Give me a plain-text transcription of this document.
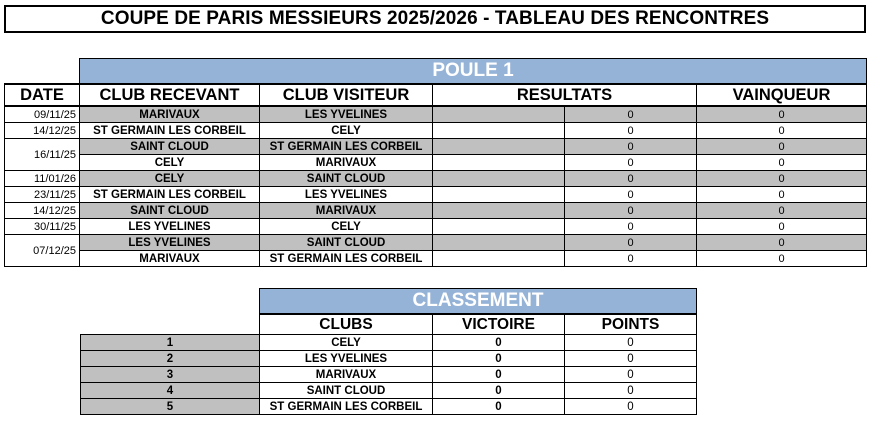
COUPE DE PARIS MESSIEURS 2025/2026 - TABLEAU DES RENCONTRES
	POULE 1				
DATE	CLUB RECEVANT	CLUB VISITEUR	RESULTATS		VAINQUEUR
09/11/25	MARIVAUX	LES YVELINES		0	0
14/12/25	ST GERMAIN LES CORBEIL	CELY		0	0
16/11/25	SAINT CLOUD	ST GERMAIN LES CORBEIL		0	0
	CELY	MARIVAUX		0	0
11/01/26	CELY	SAINT CLOUD		0	0
23/11/25	ST GERMAIN LES CORBEIL	LES YVELINES		0	0
14/12/25	SAINT CLOUD	MARIVAUX		0	0
30/11/25	LES YVELINES	CELY		0	0
07/12/25	LES YVELINES	SAINT CLOUD		0	0
	MARIVAUX	ST GERMAIN LES CORBEIL		0	0
	CLASSEMENT		
	CLUBS	VICTOIRE	POINTS
1	CELY	0	0
2	LES YVELINES	0	0
3	MARIVAUX	0	0
4	SAINT CLOUD	0	0
5	ST GERMAIN LES CORBEIL	0	0
